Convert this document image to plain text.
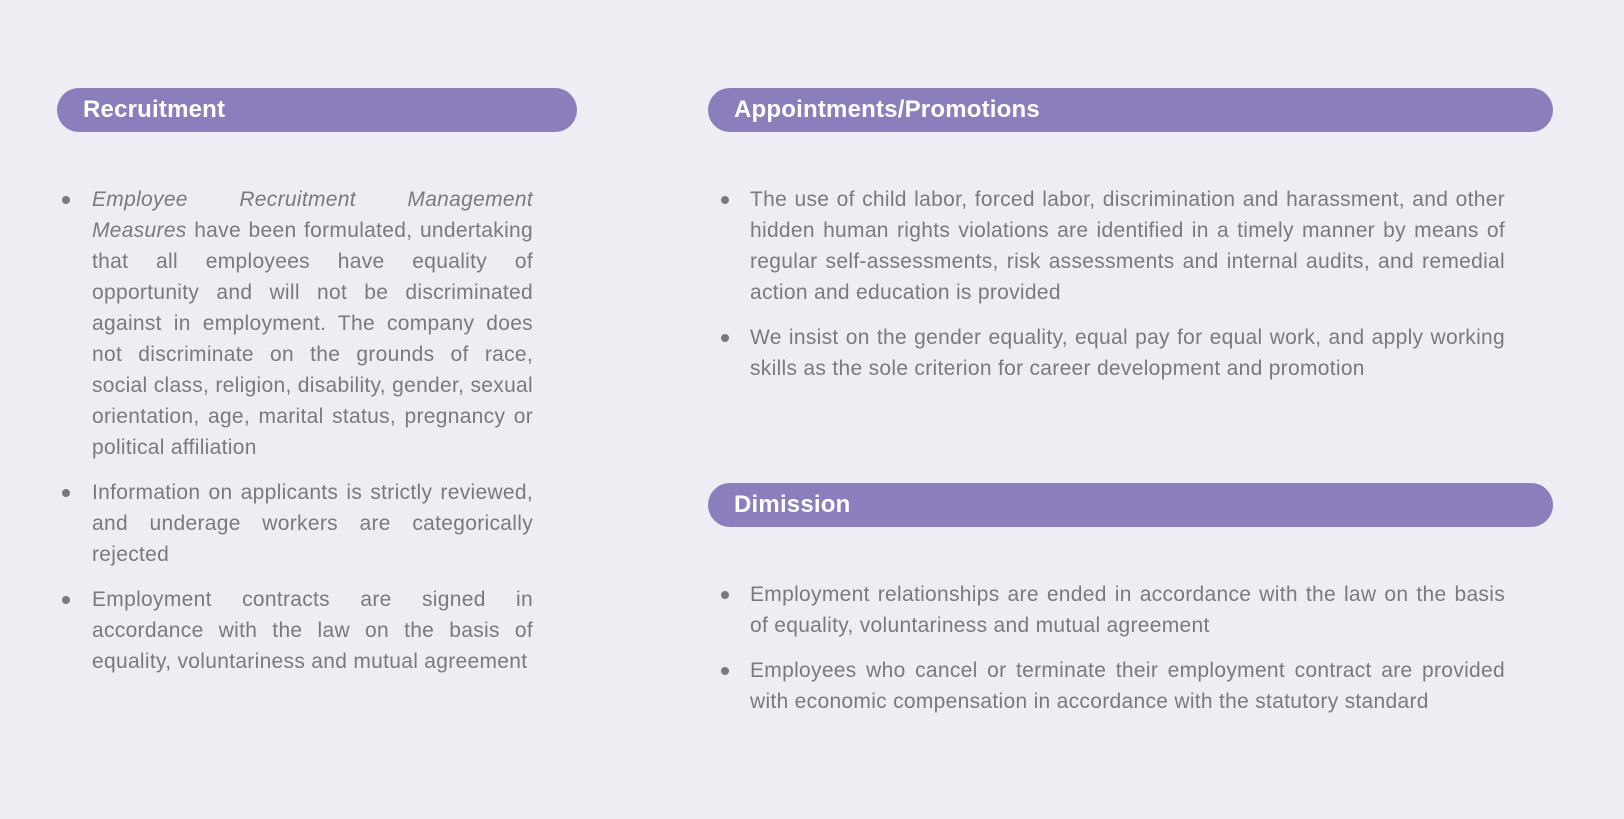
Recruitment
Employee Recruitment Management Measures have been formulated, undertaking that all employees have equality of opportunity and will not be discriminated against in employment. The company does not discriminate on the grounds of race, social class, religion, disability, gender, sexual orientation, age, marital status, pregnancy or political affiliation
Information on applicants is strictly reviewed, and underage workers are categorically rejected
Employment contracts are signed in accordance with the law on the basis of equality, voluntariness and mutual agreement
Appointments/Promotions
The use of child labor, forced labor, discrimination and harassment, and other hidden human rights violations are identified in a timely manner by means of regular self-assessments, risk assessments and internal audits, and remedial action and education is provided
We insist on the gender equality, equal pay for equal work, and apply working skills as the sole criterion for career development and promotion
Dimission
Employment relationships are ended in accordance with the law on the basis of equality, voluntariness and mutual agreement
Employees who cancel or terminate their employment contract are provided with economic compensation in accordance with the statutory standard
